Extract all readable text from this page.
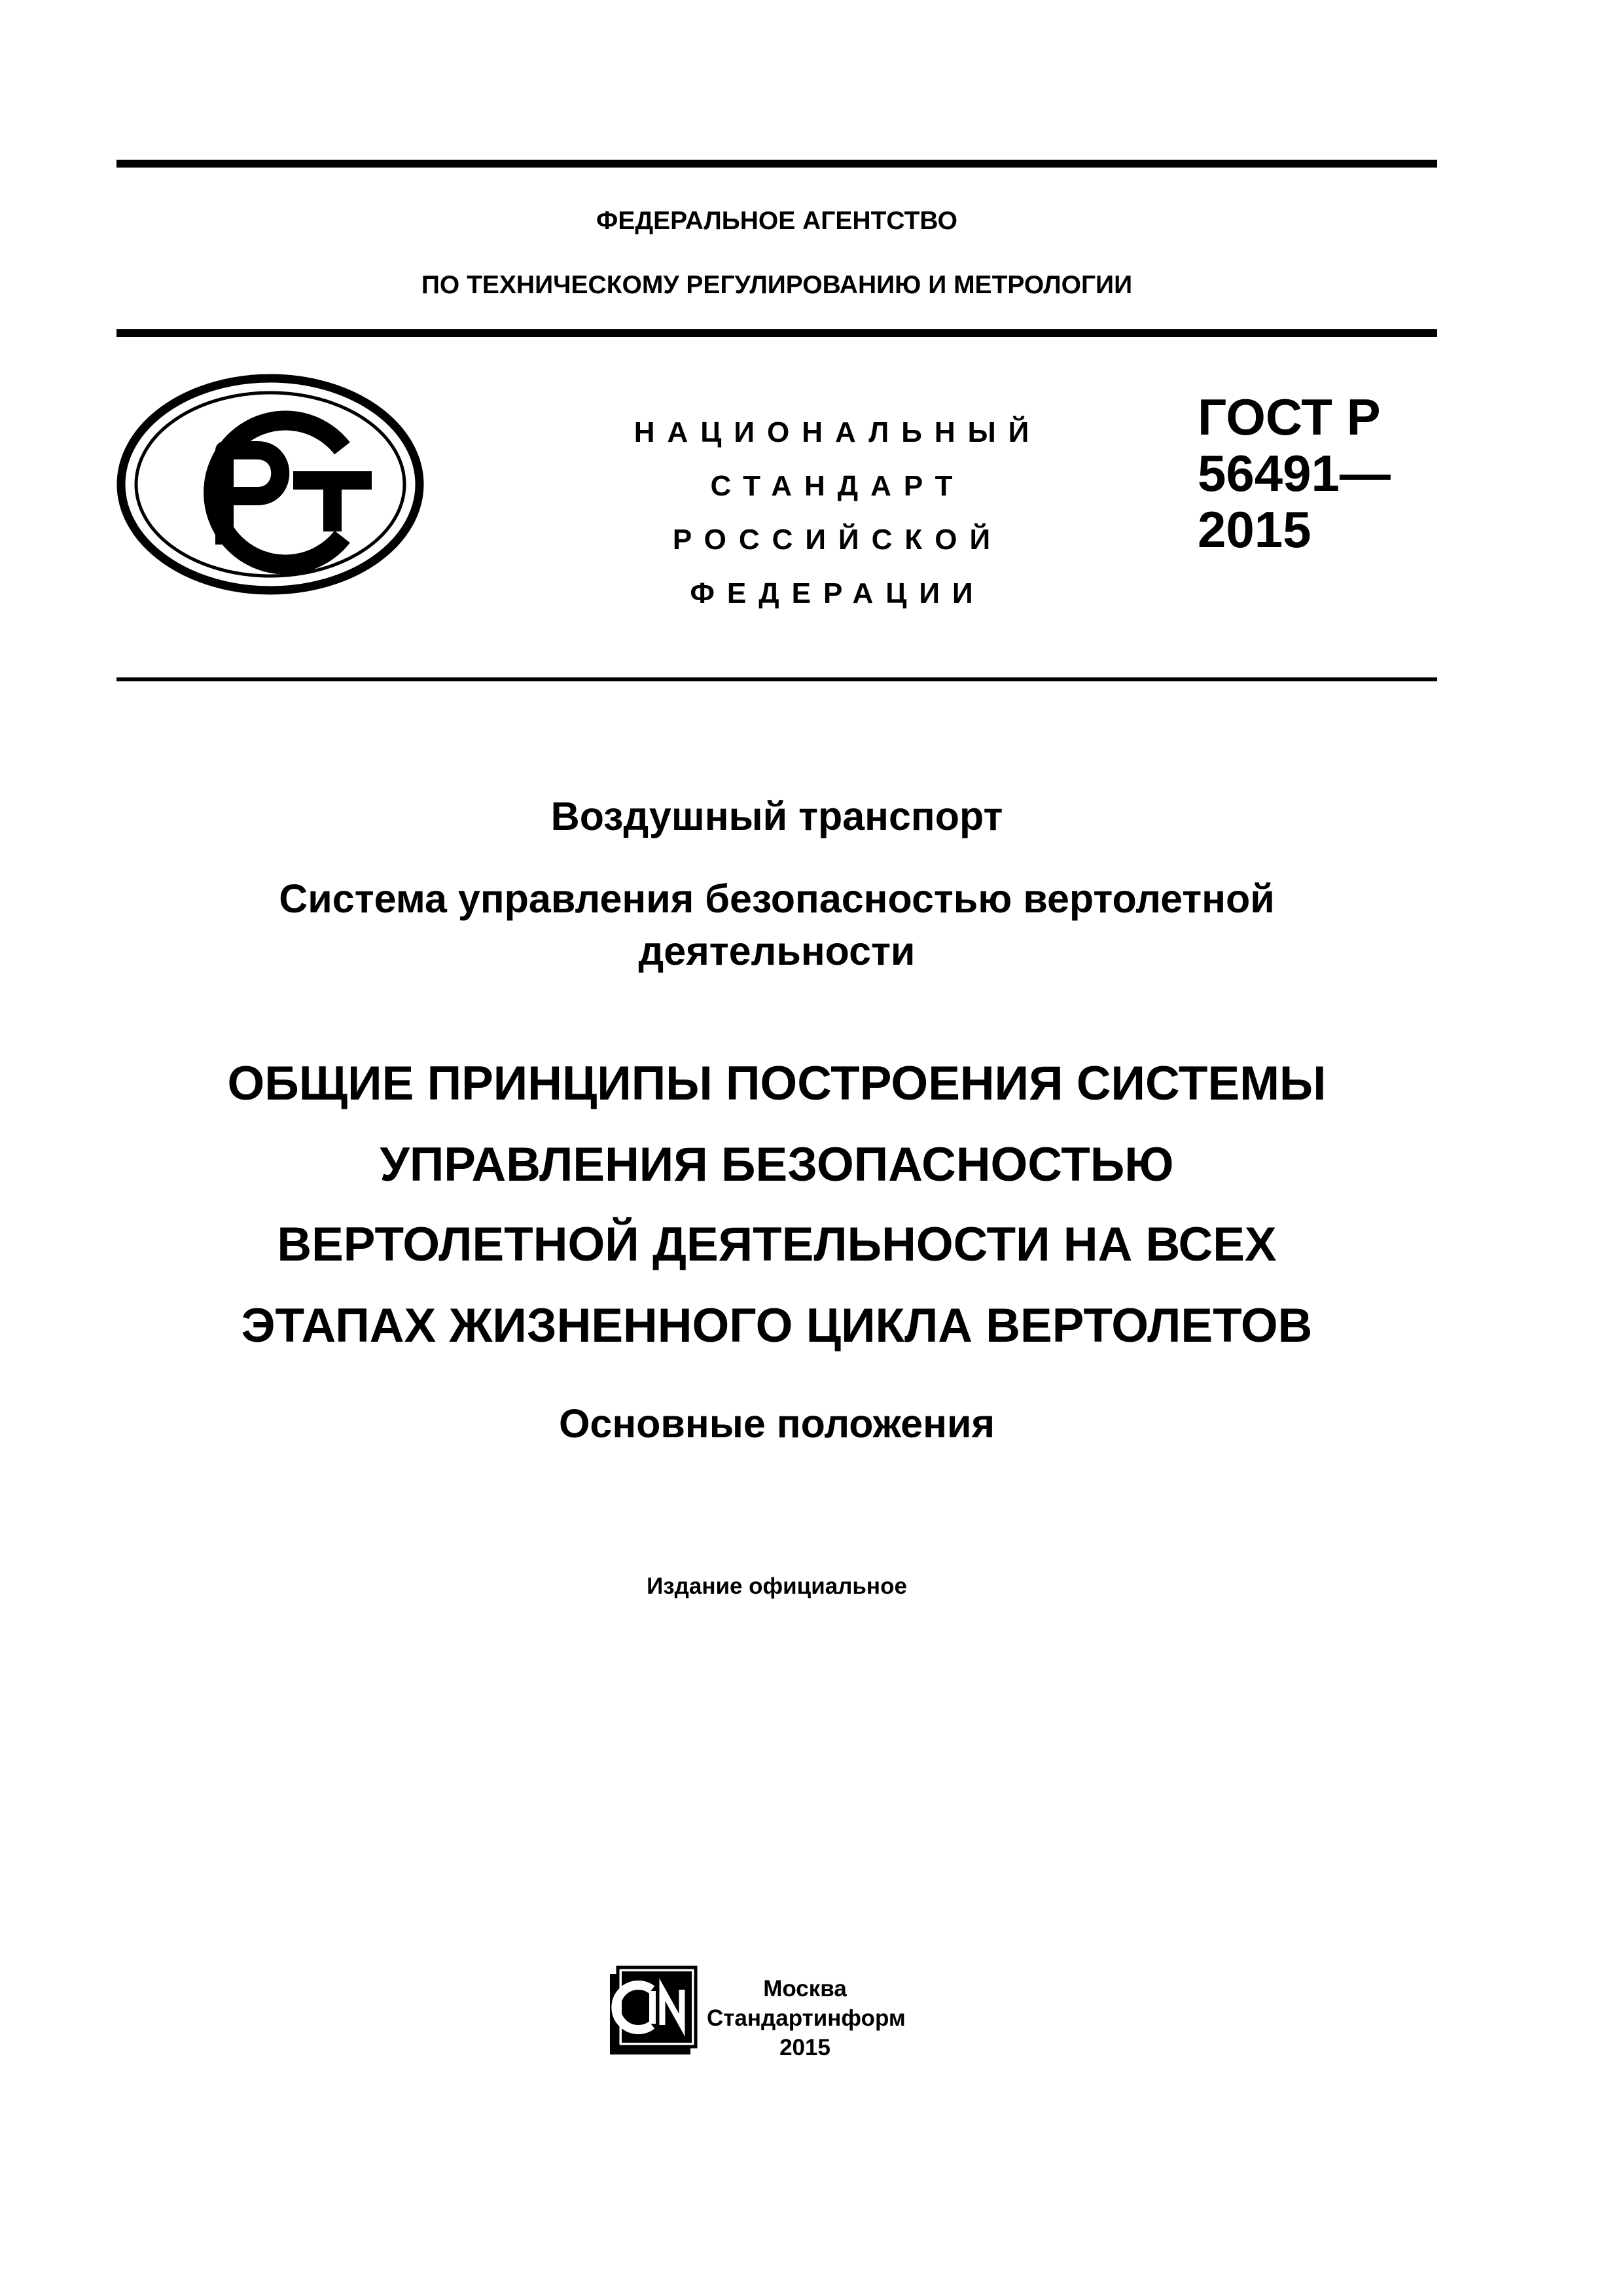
ФЕДЕРАЛЬНОЕ АГЕНТСТВО
ПО ТЕХНИЧЕСКОМУ РЕГУЛИРОВАНИЮ И МЕТРОЛОГИИ
НАЦИОНАЛЬНЫЙ
СТАНДАРТ
РОССИЙСКОЙ
ФЕДЕРАЦИИ
ГОСТ Р
56491—
2015
Воздушный транспорт
Система управления безопасностью вертолетной
деятельности
ОБЩИЕ ПРИНЦИПЫ ПОСТРОЕНИЯ СИСТЕМЫ
УПРАВЛЕНИЯ БЕЗОПАСНОСТЬЮ
ВЕРТОЛЕТНОЙ ДЕЯТЕЛЬНОСТИ НА ВСЕХ
ЭТАПАХ ЖИЗНЕННОГО ЦИКЛА ВЕРТОЛЕТОВ
Основные положения
Издание официальное
Москва
Стандартинформ
2015
